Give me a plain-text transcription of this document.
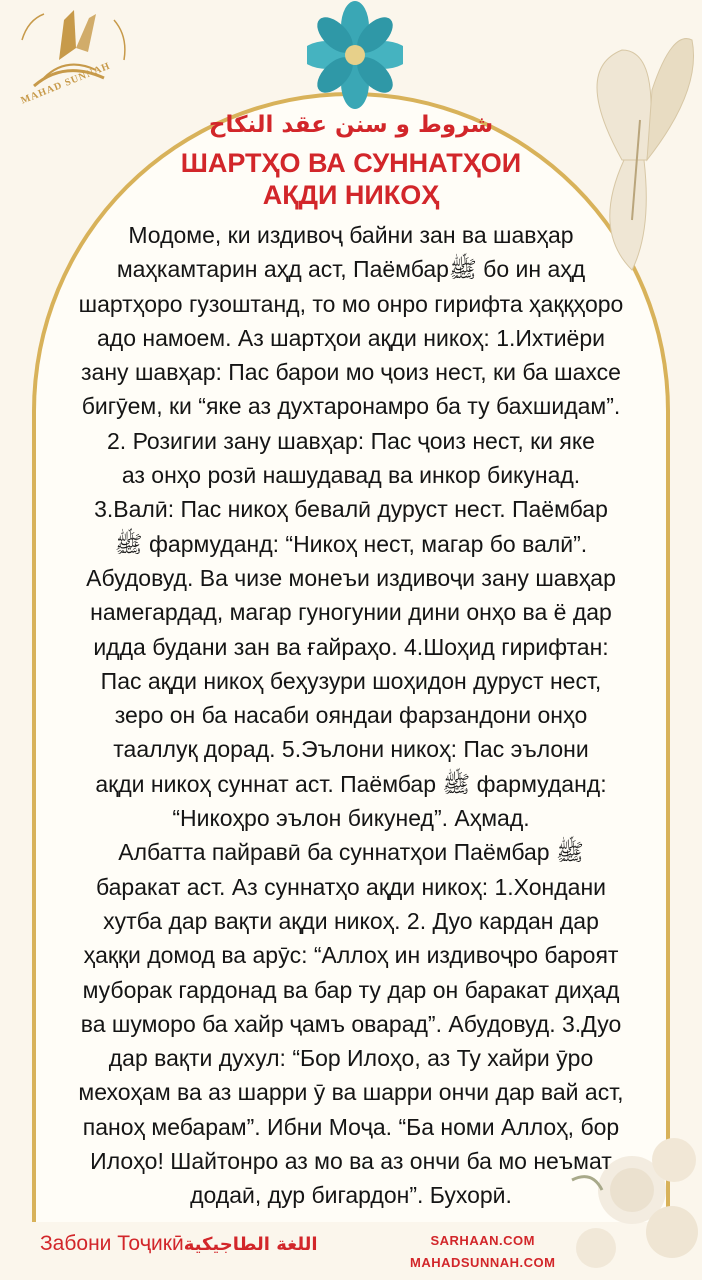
MAHAD SUNNAH
شروط و سنن عقد النكاح
ШАРТҲО ВА СУННАТҲОИ
АҚДИ НИКОҲ
Модоме, ки издивоҷ байни зан ва шавҳар
маҳкамтарин аҳд аст, Паёмбарﷺ бо ин аҳд
шартҳоро гузоштанд, то мо онро гирифта ҳаққҳоро
адо намоем. Аз шартҳои ақди никоҳ: 1.Ихтиёри
зану шавҳар: Пас барои мо ҷоиз нест, ки ба шахсе
бигӯем, ки “яке аз духтаронамро ба ту бахшидам”.
2. Розигии зану шавҳар: Пас ҷоиз нест, ки яке
аз онҳо розӣ нашудавад ва инкор бикунад.
3.Валӣ: Пас никоҳ бевалӣ дуруст нест. Паёмбар
ﷺ фармуданд: “Никоҳ нест, магар бо валӣ”.
Абудовуд. Ва чизе монеъи издивоҷи зану шавҳар
намегардад, магар гуногунии дини онҳо ва ё дар
идда будани зан ва ғайраҳо. 4.Шоҳид гирифтан:
Пас ақди никоҳ беҳузури шоҳидон дуруст нест,
зеро он ба насаби ояндаи фарзандони онҳо
тааллуқ дорад. 5.Эълони никоҳ: Пас эълони
ақди никоҳ суннат аст. Паёмбар ﷺ фармуданд:
“Никоҳро эълон бикунед”. Аҳмад.
Албатта пайравӣ ба суннатҳои Паёмбар ﷺ
баракат аст. Аз суннатҳо ақди никоҳ: 1.Хондани
хутба дар вақти ақди никоҳ. 2. Дуо кардан дар
ҳаққи домод ва арӯс: “Аллоҳ ин издивоҷро бароят
муборак гардонад ва бар ту дар он баракат диҳад
ва шуморо ба хайр ҷамъ оварад”. Абудовуд. 3.Дуо
дар вақти духул: “Бор Илоҳо, аз Ту хайри ӯро
мехоҳам ва аз шарри ӯ ва шарри ончи дар вай аст,
паноҳ мебарам”. Ибни Моҷа. “Ба номи Аллоҳ, бор
Илоҳо! Шайтонро аз мо ва аз ончи ба мо неъмат
додаӣ, дур бигардон”. Бухорӣ.
Забони Тоҷикӣاللغة الطاجيكية	SARHAAN.COM
MAHADSUNNAH.COM
